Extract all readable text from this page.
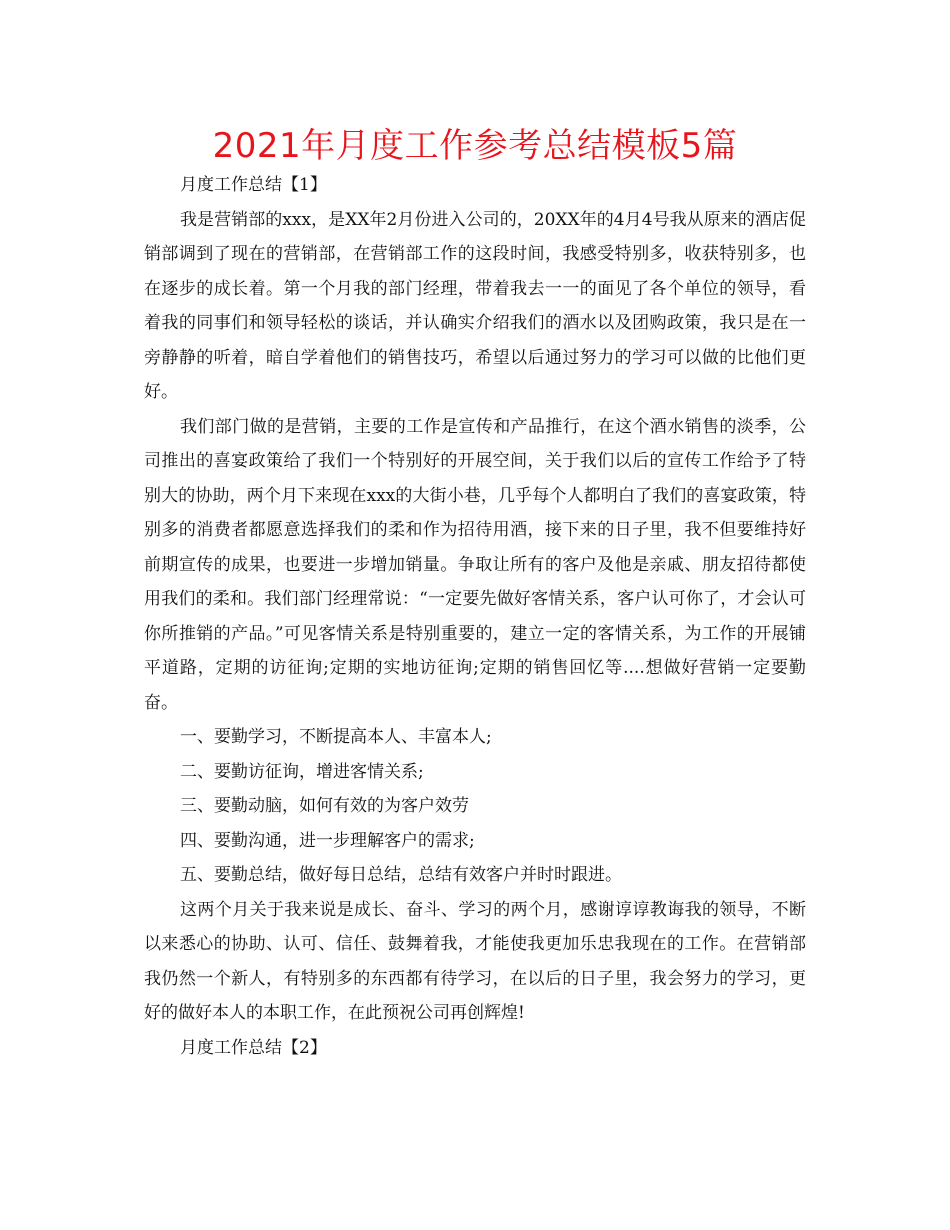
2021年月度工作参考总结模板5篇

月度工作总结【1】

我是营销部的xxx，是XX年2月份进入公司的，20XX年的4月4号我从原来的酒店促销部调到了现在的营销部，在营销部工作的这段时间，我感受特别多，收获特别多，也在逐步的成长着。第一个月我的部门经理，带着我去一一的面见了各个单位的领导，看着我的同事们和领导轻松的谈话，并认确实介绍我们的酒水以及团购政策，我只是在一旁静静的听着，暗自学着他们的销售技巧，希望以后通过努力的学习可以做的比他们更好。

我们部门做的是营销，主要的工作是宣传和产品推行，在这个酒水销售的淡季，公司推出的喜宴政策给了我们一个特别好的开展空间，关于我们以后的宣传工作给予了特别大的协助，两个月下来现在xxx的大街小巷，几乎每个人都明白了我们的喜宴政策，特别多的消费者都愿意选择我们的柔和作为招待用酒，接下来的日子里，我不但要维持好前期宣传的成果，也要进一步增加销量。争取让所有的客户及他是亲戚、朋友招待都使用我们的柔和。我们部门经理常说：“一定要先做好客情关系，客户认可你了，才会认可你所推销的产品。”可见客情关系是特别重要的，建立一定的客情关系，为工作的开展铺平道路，定期的访征询;定期的实地访征询;定期的销售回忆等....想做好营销一定要勤奋。

一、要勤学习，不断提高本人、丰富本人;

二、要勤访征询，增进客情关系;

三、要勤动脑，如何有效的为客户效劳

四、要勤沟通，进一步理解客户的需求;

五、要勤总结，做好每日总结，总结有效客户并时时跟进。

这两个月关于我来说是成长、奋斗、学习的两个月，感谢谆谆教诲我的领导，不断以来悉心的协助、认可、信任、鼓舞着我，才能使我更加乐忠我现在的工作。在营销部我仍然一个新人，有特别多的东西都有待学习，在以后的日子里，我会努力的学习，更好的做好本人的本职工作，在此预祝公司再创辉煌!

月度工作总结【2】
